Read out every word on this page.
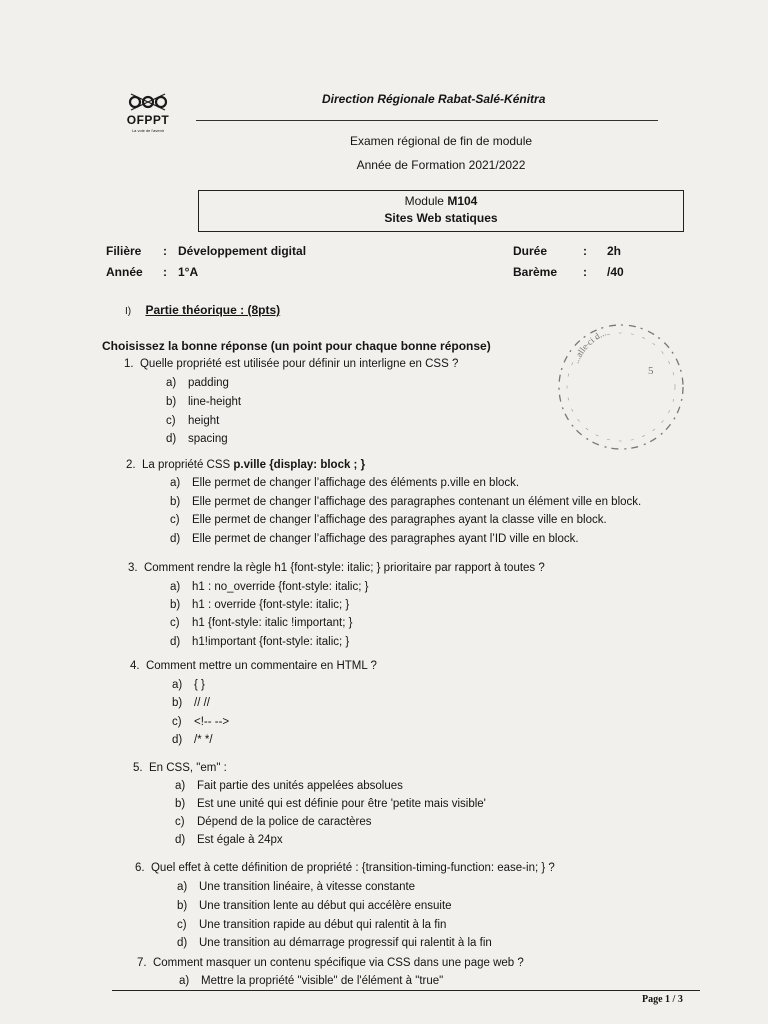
OFPPT
La voie de l'avenir
Direction Régionale Rabat-Salé-Kénitra
Examen régional de fin de module
Année de Formation 2021/2022
Module M104
Sites Web statiques
Filière : Développement digital
Année : 1°A
Durée	: 2h
Barème : /40
I) Partie théorique : (8pts)
Choisissez la bonne réponse (un point pour chaque bonne réponse)
...alle ci d...
5
1. Quelle propriété est utilisée pour définir un interligne en CSS ?
a) padding
b) line-height
c) height
d) spacing
2. La propriété CSS p.ville {display: block ; }
a) Elle permet de changer l’affichage des éléments p.ville en block.
b) Elle permet de changer l’affichage des paragraphes contenant un élément ville en block.
c) Elle permet de changer l’affichage des paragraphes ayant la classe ville en block.
d) Elle permet de changer l’affichage des paragraphes ayant l’ID ville en block.
3. Comment rendre la règle h1 {font-style: italic; } prioritaire par rapport à toutes ?
a) h1 : no_override {font-style: italic; }
b) h1 : override {font-style: italic; }
c) h1 {font-style: italic !important; }
d) h1!important {font-style: italic; }
4. Comment mettre un commentaire en HTML ?
a) { }
b) // //
c) <!-- -->
d) /* */
5. En CSS, "em" :
a) Fait partie des unités appelées absolues
b) Est une unité qui est définie pour être 'petite mais visible'
c) Dépend de la police de caractères
d) Est égale à 24px
6. Quel effet à cette définition de propriété : {transition-timing-function: ease-in; } ?
a) Une transition linéaire, à vitesse constante
b) Une transition lente au début qui accélère ensuite
c) Une transition rapide au début qui ralentit à la fin
d) Une transition au démarrage progressif qui ralentit à la fin
7. Comment masquer un contenu spécifique via CSS dans une page web ?
a) Mettre la propriété "visible" de l'élément à "true"
Page 1 / 3
